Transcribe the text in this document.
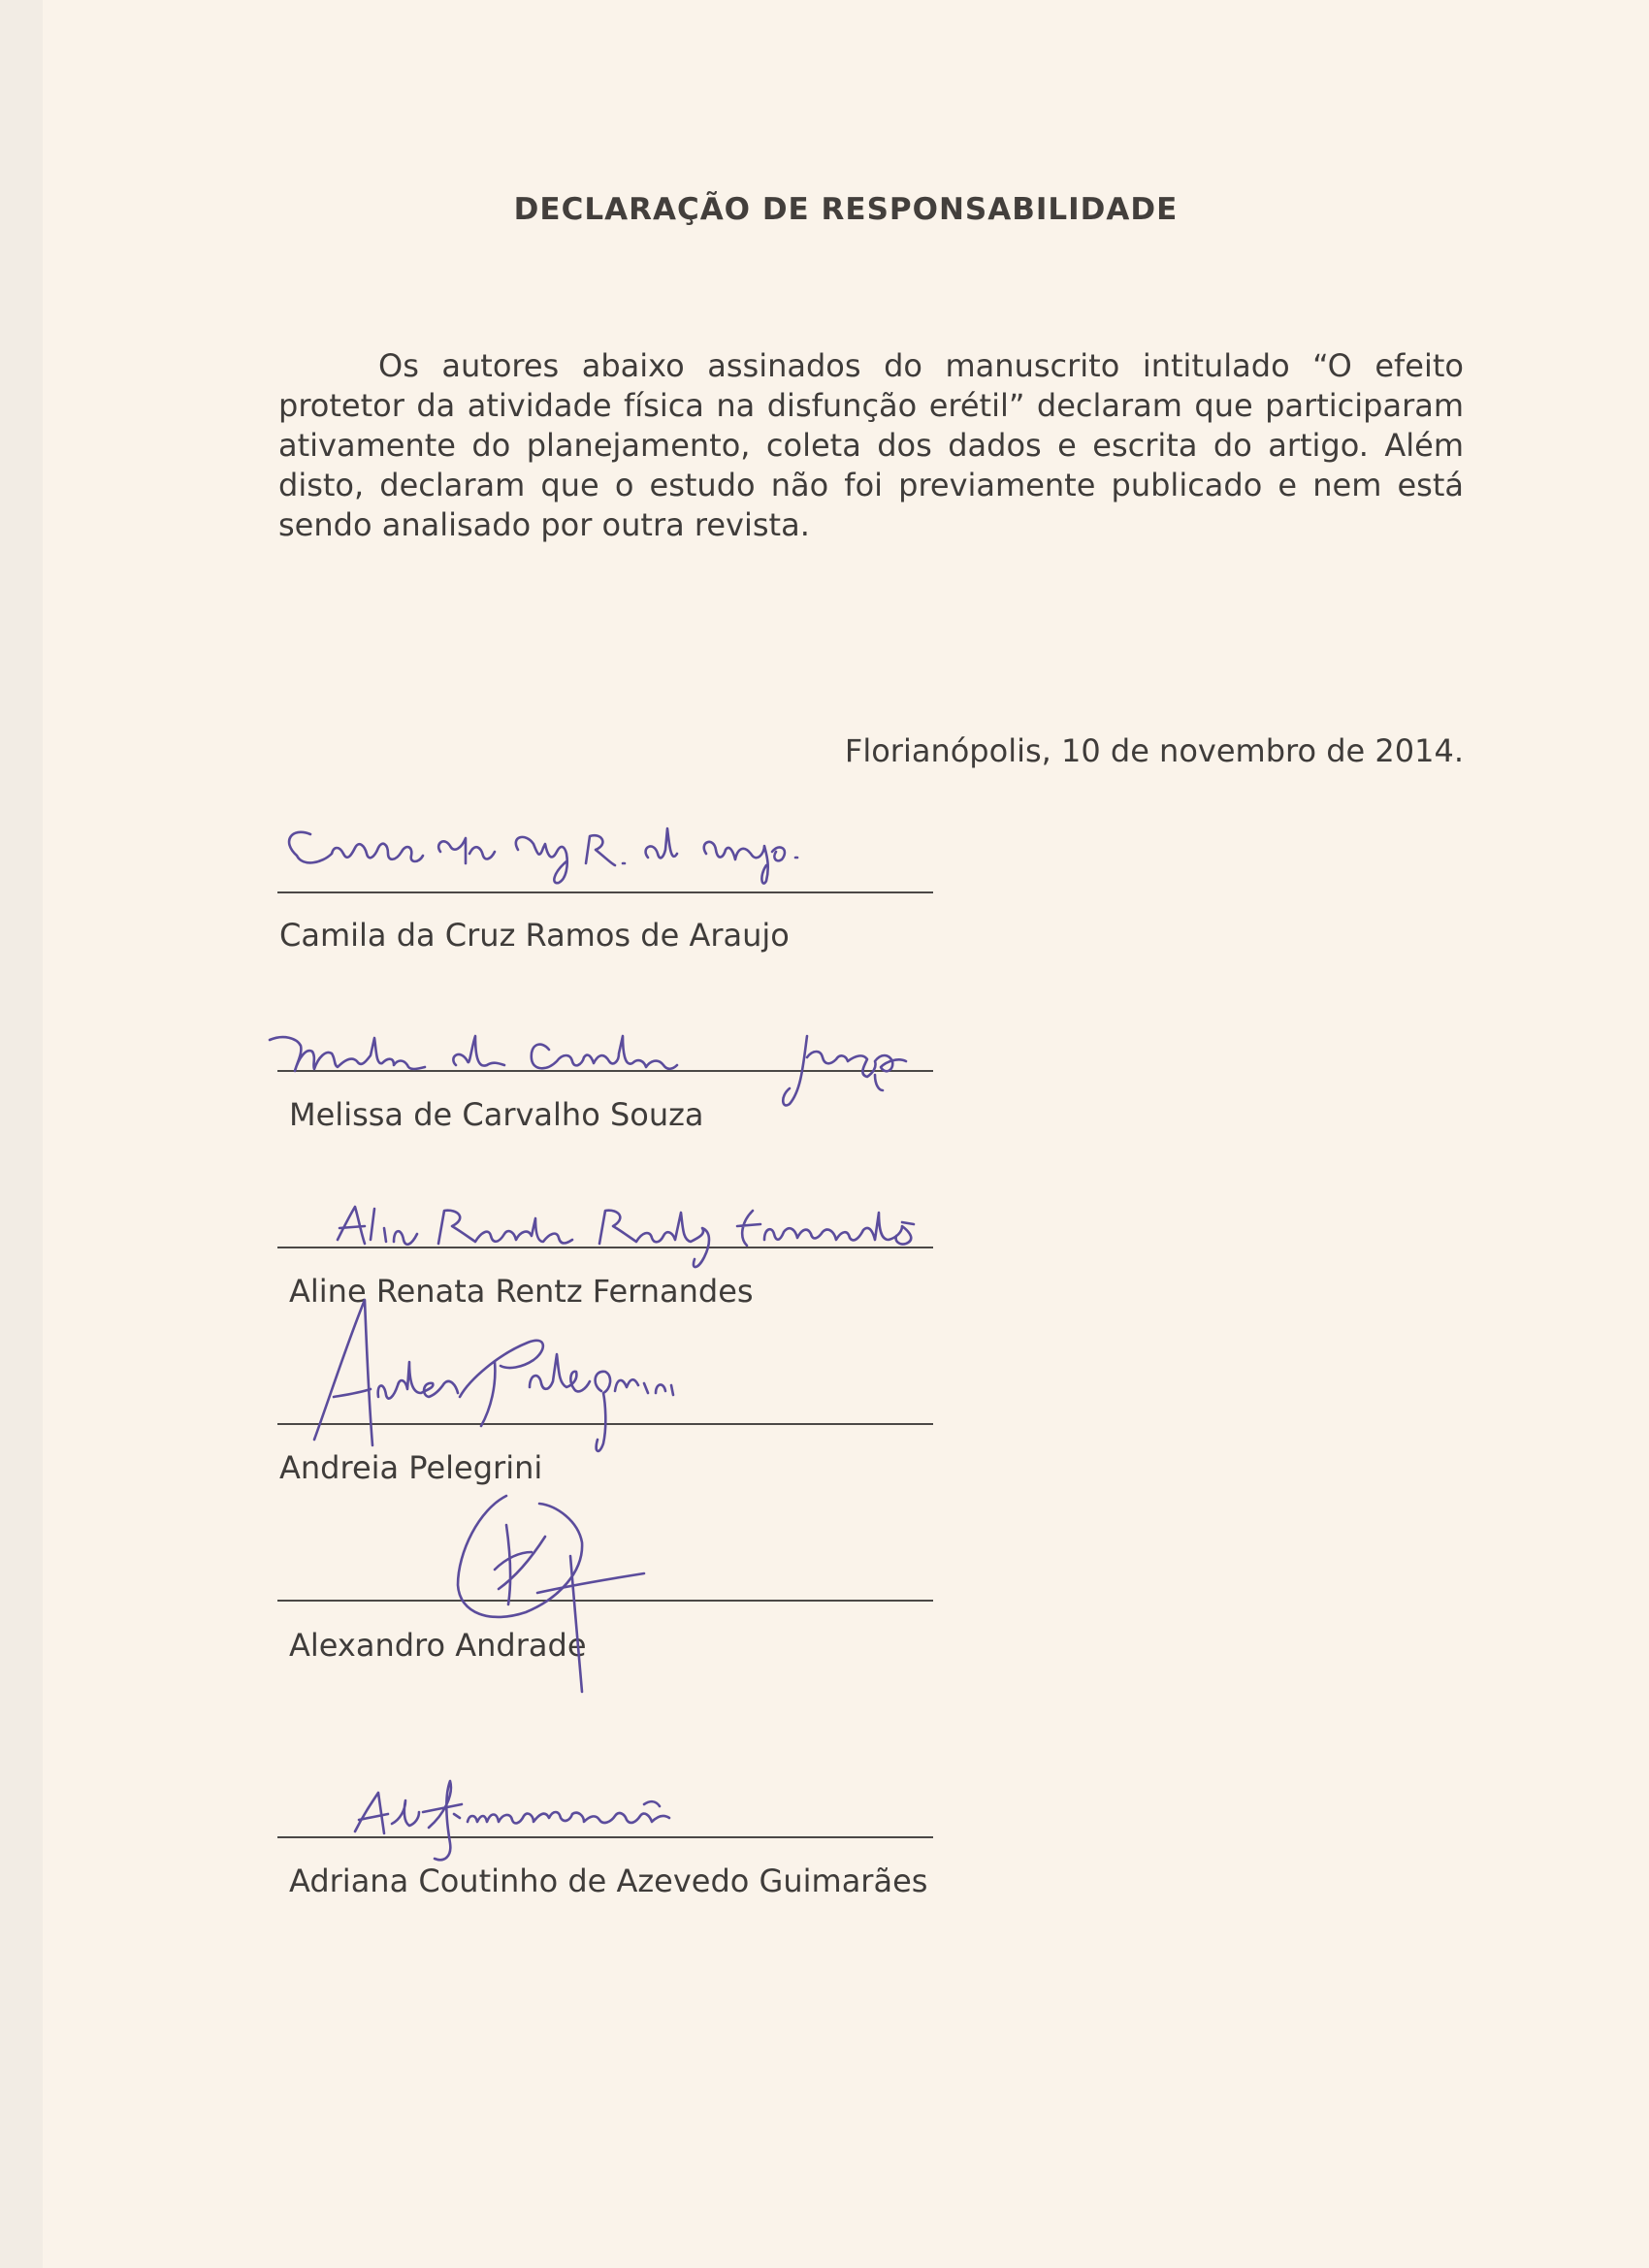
DECLARAÇÃO DE RESPONSABILIDADE
Os autores abaixo assinados do manuscrito intitulado “O efeito protetor da atividade física na disfunção erétil” declaram que participaram ativamente do planejamento, coleta dos dados e escrita do artigo. Além disto, declaram que o estudo não foi previamente publicado e nem está sendo analisado por outra revista.
Florianópolis, 10 de novembro de 2014.
Camila da Cruz Ramos de Araujo
Melissa de Carvalho Souza
Aline Renata Rentz Fernandes
Andreia Pelegrini
Alexandro Andrade
Adriana Coutinho de Azevedo Guimarães
